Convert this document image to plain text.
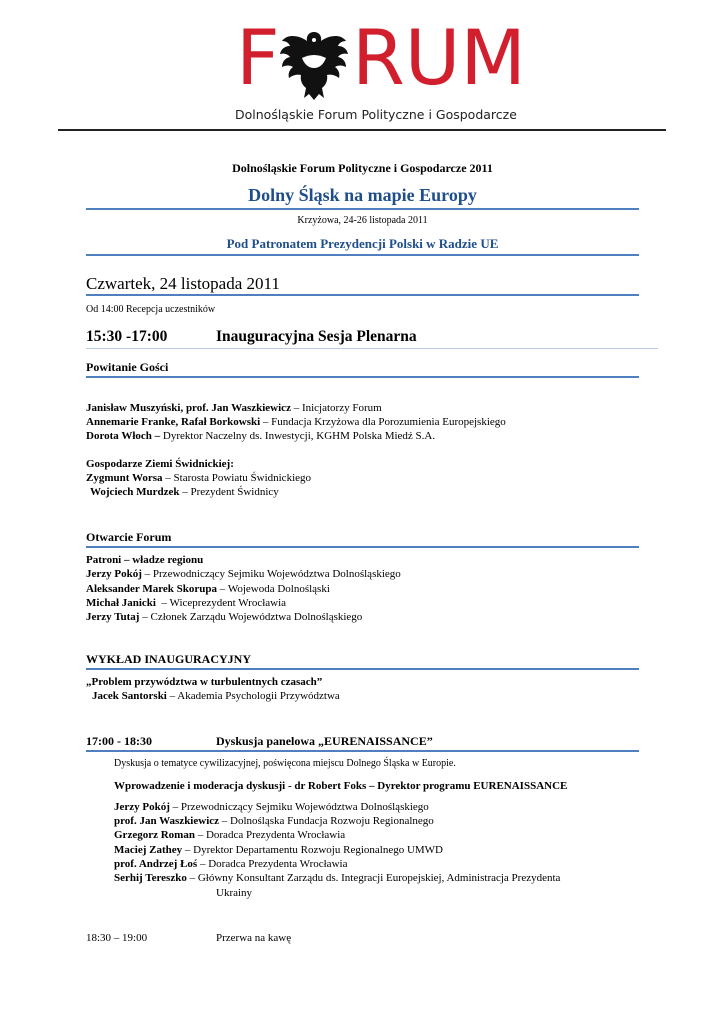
F RUM
Dolnośląskie Forum Polityczne i Gospodarcze
Dolnośląskie Forum Polityczne i Gospodarcze 2011
Dolny Śląsk na mapie Europy
Krzyżowa, 24-26 listopada 2011
Pod Patronatem Prezydencji Polski w Radzie UE
Czwartek, 24 listopada 2011
Od 14:00 Recepcja uczestników
15:30 -17:00	Inauguracyjna Sesja Plenarna
Powitanie Gości
Janisław Muszyński, prof. Jan Waszkiewicz – Inicjatorzy Forum
Annemarie Franke, Rafał Borkowski – Fundacja Krzyżowa dla Porozumienia Europejskiego
Dorota Włoch – Dyrektor Naczelny ds. Inwestycji, KGHM Polska Miedź S.A.
Gospodarze Ziemi Świdnickiej:
Zygmunt Worsa – Starosta Powiatu Świdnickiego
Wojciech Murdzek – Prezydent Świdnicy
Otwarcie Forum
Patroni – władze regionu
Jerzy Pokój – Przewodniczący Sejmiku Województwa Dolnośląskiego
Aleksander Marek Skorupa – Wojewoda Dolnośląski
Michał Janicki  – Wiceprezydent Wrocławia
Jerzy Tutaj – Członek Zarządu Województwa Dolnośląskiego
WYKŁAD INAUGURACYJNY
„Problem przywództwa w turbulentnych czasach”
Jacek Santorski – Akademia Psychologii Przywództwa
17:00 - 18:30	Dyskusja panelowa „EURENAISSANCE”
Dyskusja o tematyce cywilizacyjnej, poświęcona miejscu Dolnego Śląska w Europie.
Wprowadzenie i moderacja dyskusji - dr Robert Foks – Dyrektor programu EURENAISSANCE
Jerzy Pokój – Przewodniczący Sejmiku Województwa Dolnośląskiego
prof. Jan Waszkiewicz – Dolnośląska Fundacja Rozwoju Regionalnego
Grzegorz Roman – Doradca Prezydenta Wrocławia
Maciej Zathey – Dyrektor Departamentu Rozwoju Regionalnego UMWD
prof. Andrzej Łoś – Doradca Prezydenta Wrocławia
Serhij Tereszko – Główny Konsultant Zarządu ds. Integracji Europejskiej, Administracja Prezydenta
Ukrainy
18:30 – 19:00	Przerwa na kawę
